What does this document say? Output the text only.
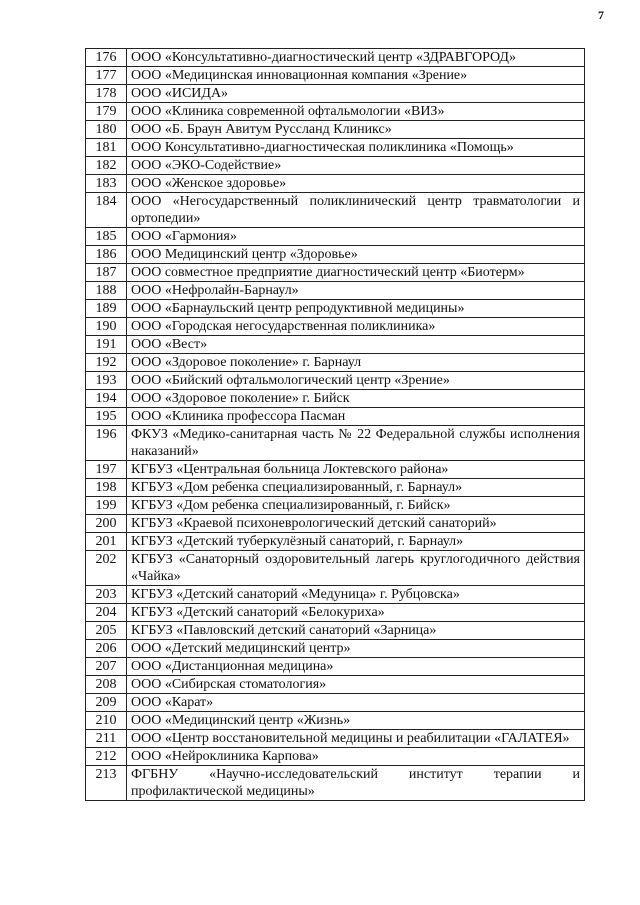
7
176	ООО «Консультативно-диагностический центр «ЗДРАВГОРОД»
177	ООО «Медицинская инновационная компания «Зрение»
178	ООО «ИСИДА»
179	ООО «Клиника современной офтальмологии «ВИЗ»
180	ООО «Б. Браун Авитум Руссланд Клиникс»
181	ООО Консультативно-диагностическая поликлиника «Помощь»
182	ООО «ЭКО-Содействие»
183	ООО «Женское здоровье»
184	ООО «Негосударственный поликлинический центр травматологии и ортопедии»
185	ООО «Гармония»
186	ООО Медицинский центр «Здоровье»
187	ООО совместное предприятие диагностический центр «Биотерм»
188	ООО «Нефролайн-Барнаул»
189	ООО «Барнаульский центр репродуктивной медицины»
190	ООО «Городская негосударственная поликлиника»
191	ООО «Вест»
192	ООО «Здоровое поколение» г. Барнаул
193	ООО «Бийский офтальмологический центр «Зрение»
194	ООО «Здоровое поколение» г. Бийск
195	ООО «Клиника профессора Пасман
196	ФКУЗ «Медико-санитарная часть № 22 Федеральной службы исполнения наказаний»
197	КГБУЗ «Центральная больница Локтевского района»
198	КГБУЗ «Дом ребенка специализированный, г. Барнаул»
199	КГБУЗ «Дом ребенка специализированный, г. Бийск»
200	КГБУЗ «Краевой психоневрологический детский санаторий»
201	КГБУЗ «Детский туберкулёзный санаторий, г. Барнаул»
202	КГБУЗ «Санаторный оздоровительный лагерь круглогодичного действия «Чайка»
203	КГБУЗ «Детский санаторий «Медуница» г. Рубцовска»
204	КГБУЗ «Детский санаторий «Белокуриха»
205	КГБУЗ «Павловский детский санаторий «Зарница»
206	ООО «Детский медицинский центр»
207	ООО «Дистанционная медицина»
208	ООО «Сибирская стоматология»
209	ООО «Карат»
210	ООО «Медицинский центр «Жизнь»
211	ООО «Центр восстановительной медицины и реабилитации «ГАЛАТЕЯ»
212	ООО «Нейроклиника Карпова»
213	ФГБНУ «Научно-исследовательский институт терапии и профилактической медицины»
